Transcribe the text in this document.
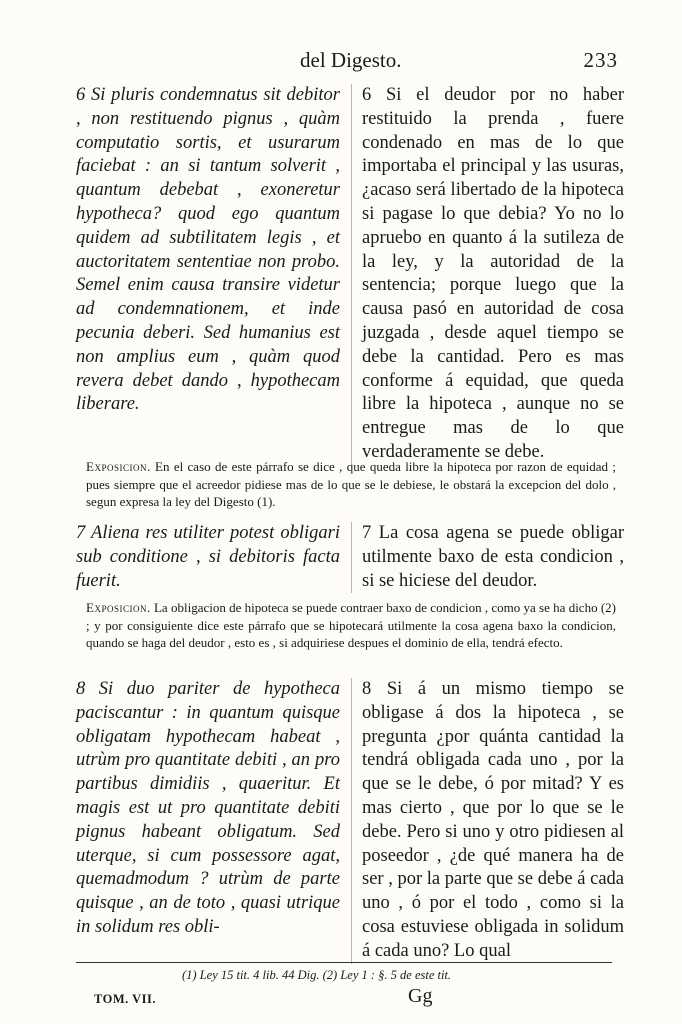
del Digesto.	233

6 Si pluris condemnatus sit debitor , non restituendo pignus , quàm computatio sortis, et usurarum faciebat : an si tantum solverit , quantum debebat , exoneretur hypotheca? quod ego quantum quidem ad subtilitatem legis , et auctoritatem sententiae non probo. Semel enim causa transire videtur ad condemnationem, et inde pecunia deberi. Sed humanius est non amplius eum , quàm quod revera debet dando , hypothecam liberare.

6 Si el deudor por no haber restituido la prenda , fuere condenado en mas de lo que importaba el principal y las usuras, ¿acaso será libertado de la hipoteca si pagase lo que debia? Yo no lo apruebo en quanto á la sutileza de la ley, y la autoridad de la sentencia; porque luego que la causa pasó en autoridad de cosa juzgada , desde aquel tiempo se debe la cantidad. Pero es mas conforme á equidad, que queda libre la hipoteca , aunque no se entregue mas de lo que verdaderamente se debe.

Exposicion. En el caso de este párrafo se dice , que queda libre la hipoteca por razon de equidad ; pues siempre que el acreedor pidiese mas de lo que se le debiese, le obstará la excepcion del dolo , segun expresa la ley del Digesto (1).

7 Aliena res utiliter potest obligari sub conditione , si debitoris facta fuerit.

7 La cosa agena se puede obligar utilmente baxo de esta condicion , si se hiciese del deudor.

Exposicion. La obligacion de hipoteca se puede contraer baxo de condicion , como ya se ha dicho (2) ; y por consiguiente dice este párrafo que se hipotecará utilmente la cosa agena baxo la condicion, quando se haga del deudor , esto es , si adquiriese despues el dominio de ella, tendrá efecto.

8 Si duo pariter de hypotheca paciscantur : in quantum quisque obligatam hypothecam habeat , utrùm pro quantitate debiti , an pro partibus dimidiis , quaeritur. Et magis est ut pro quantitate debiti pignus habeant obligatum. Sed uterque, si cum possessore agat, quemadmodum ? utrùm de parte quisque , an de toto , quasi utrique in solidum res obli-

8 Si á un mismo tiempo se obligase á dos la hipoteca , se pregunta ¿por quánta cantidad la tendrá obligada cada uno , por la que se le debe, ó por mitad? Y es mas cierto , que por lo que se le debe. Pero si uno y otro pidiesen al poseedor , ¿de qué manera ha de ser , por la parte que se debe á cada uno , ó por el todo , como si la cosa estuviese obligada in solidum á cada uno? Lo qual

(1) Ley 15 tit. 4 lib. 44 Dig. (2) Ley 1 : §. 5 de este tit.
TOM. VII.	Gg
